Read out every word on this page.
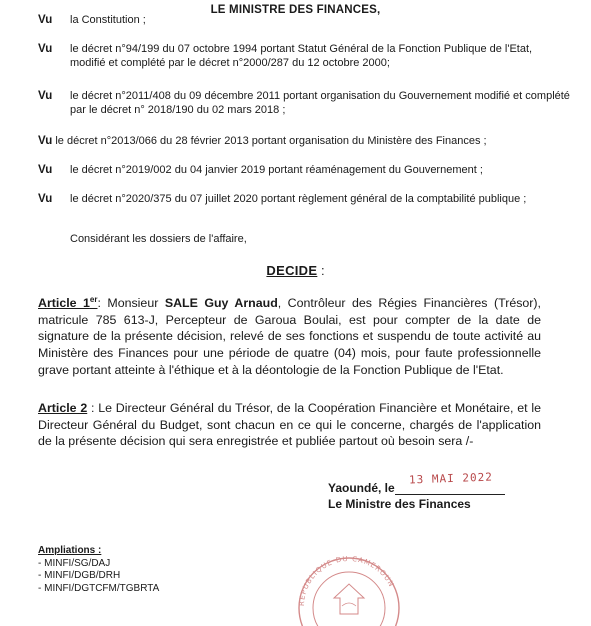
LE MINISTRE DES FINANCES,
Vu la Constitution ;
Vu le décret n°94/199 du 07 octobre 1994 portant Statut Général de la Fonction Publique de l'Etat, modifié et complété par le décret n°2000/287 du 12 octobre 2000;
Vu le décret n°2011/408 du 09 décembre 2011 portant organisation du Gouvernement modifié et complété par le décret n° 2018/190 du 02 mars 2018 ;
Vu le décret n°2013/066 du 28 février 2013 portant organisation du Ministère des Finances ;
Vu le décret n°2019/002 du 04 janvier 2019 portant réaménagement du Gouvernement ;
Vu le décret n°2020/375 du 07 juillet 2020 portant règlement général de la comptabilité publique ;
Considérant les dossiers de l'affaire,
DECIDE :
Article 1er: Monsieur SALE Guy Arnaud, Contrôleur des Régies Financières (Trésor), matricule 785 613-J, Percepteur de Garoua Boulai, est pour compter de la date de signature de la présente décision, relevé de ses fonctions et suspendu de toute activité au Ministère des Finances pour une période de quatre (04) mois, pour faute professionnelle grave portant atteinte à l'éthique et à la déontologie de la Fonction Publique de l'Etat.
Article 2 : Le Directeur Général du Trésor, de la Coopération Financière et Monétaire, et le Directeur Général du Budget, sont chacun en ce qui le concerne, chargés de l'application de la présente décision qui sera enregistrée et publiée partout où besoin sera /-
Yaoundé, le
13 MAI 2022
Le Ministre des Finances
Ampliations :
- MINFI/SG/DAJ
- MINFI/DGB/DRH
- MINFI/DGTCFM/TGBRTA
REPUBLIQUE DU CAMEROUN
